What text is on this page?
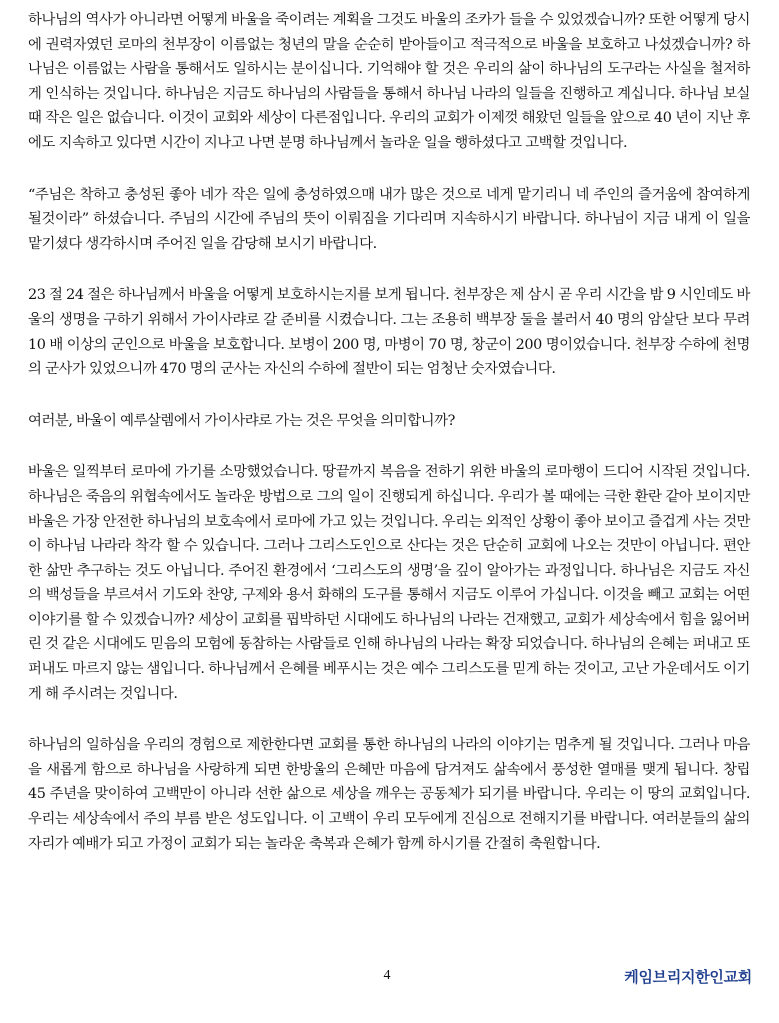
하나님의 역사가 아니라면 어떻게 바울을 죽이려는 계획을 그것도 바울의 조카가 들을 수 있었겠습니까? 또한 어떻게 당시에 권력자였던 로마의 천부장이 이름없는 청년의 말을 순순히 받아들이고 적극적으로 바울을 보호하고 나섰겠습니까? 하나님은 이름없는 사람을 통해서도 일하시는 분이십니다. 기억해야 할 것은 우리의 삶이 하나님의 도구라는 사실을 철저하게 인식하는 것입니다. 하나님은 지금도 하나님의 사람들을 통해서 하나님 나라의 일들을 진행하고 계십니다. 하나님 보실 때 작은 일은 없습니다. 이것이 교회와 세상이 다른점입니다. 우리의 교회가 이제껏 해왔던 일들을 앞으로 40 년이 지난 후에도 지속하고 있다면 시간이 지나고 나면 분명 하나님께서 놀라운 일을 행하셨다고 고백할 것입니다.

“주님은 착하고 충성된 좋아 네가 작은 일에 충성하였으매 내가 많은 것으로 네게 맡기리니 네 주인의 즐거움에 참여하게 될것이라” 하셨습니다. 주님의 시간에 주님의 뜻이 이뤄짐을 기다리며 지속하시기 바랍니다. 하나님이 지금 내게 이 일을 맡기셨다 생각하시며 주어진 일을 감당해 보시기 바랍니다.

23 절 24 절은 하나님께서 바울을 어떻게 보호하시는지를 보게 됩니다. 천부장은 제 삼시 곧 우리 시간을 밤 9 시인데도 바울의 생명을 구하기 위해서 가이사랴로 갈 준비를 시켰습니다. 그는 조용히 백부장 둘을 불러서 40 명의 암살단 보다 무려 10 배 이상의 군인으로 바울을 보호합니다. 보병이 200 명, 마병이 70 명, 창군이 200 명이었습니다. 천부장 수하에 천명의 군사가 있었으니까 470 명의 군사는 자신의 수하에 절반이 되는 엄청난 숫자였습니다.

여러분, 바울이 예루살렘에서 가이사랴로 가는 것은 무엇을 의미합니까?

바울은 일찍부터 로마에 가기를 소망했었습니다. 땅끝까지 복음을 전하기 위한 바울의 로마행이 드디어 시작된 것입니다. 하나님은 죽음의 위협속에서도 놀라운 방법으로 그의 일이 진행되게 하십니다. 우리가 볼 때에는 극한 환란 같아 보이지만 바울은 가장 안전한 하나님의 보호속에서 로마에 가고 있는 것입니다. 우리는 외적인 상황이 좋아 보이고 즐겁게 사는 것만이 하나님 나라라 착각 할 수 있습니다. 그러나 그리스도인으로 산다는 것은 단순히 교회에 나오는 것만이 아닙니다. 편안한 삶만 추구하는 것도 아닙니다. 주어진 환경에서 ‘그리스도의 생명’을 깊이 알아가는 과정입니다. 하나님은 지금도 자신의 백성들을 부르셔서 기도와 찬양, 구제와 용서 화해의 도구를 통해서 지금도 이루어 가십니다. 이것을 빼고 교회는 어떤 이야기를 할 수 있겠습니까? 세상이 교회를 핍박하던 시대에도 하나님의 나라는 건재했고, 교회가 세상속에서 힘을 잃어버린 것 같은 시대에도 믿음의 모험에 동참하는 사람들로 인해 하나님의 나라는 확장 되었습니다. 하나님의 은혜는 퍼내고 또 퍼내도 마르지 않는 샘입니다. 하나님께서 은혜를 베푸시는 것은 예수 그리스도를 믿게 하는 것이고, 고난 가운데서도 이기게 해 주시려는 것입니다.

하나님의 일하심을 우리의 경험으로 제한한다면 교회를 통한 하나님의 나라의 이야기는 멈추게 될 것입니다. 그러나 마음을 새롭게 함으로 하나님을 사랑하게 되면 한방울의 은혜만 마음에 담겨져도 삶속에서 풍성한 열매를 맺게 됩니다. 창립 45 주년을 맞이하여 고백만이 아니라 선한 삶으로 세상을 깨우는 공동체가 되기를 바랍니다. 우리는 이 땅의 교회입니다. 우리는 세상속에서 주의 부름 받은 성도입니다. 이 고백이 우리 모두에게 진심으로 전해지기를 바랍니다. 여러분들의 삶의 자리가 예배가 되고 가정이 교회가 되는 놀라운 축복과 은혜가 함께 하시기를 간절히 축원합니다.

4	케임브리지한인교회
